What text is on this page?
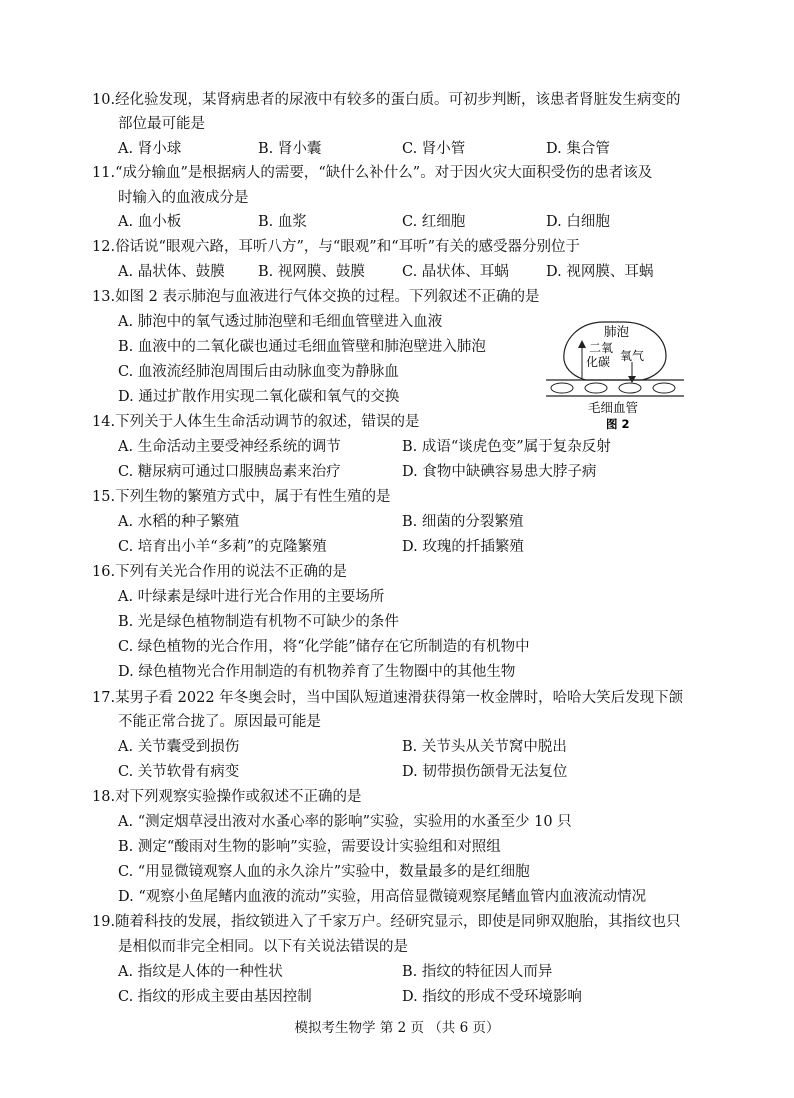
10.经化验发现，某肾病患者的尿液中有较多的蛋白质。可初步判断，该患者肾脏发生病变的
部位最可能是
A. 肾小球	B. 肾小囊	C. 肾小管	D. 集合管
11.“成分输血”是根据病人的需要，“缺什么补什么”。对于因火灾大面积受伤的患者该及
时输入的血液成分是
A. 血小板	B. 血浆	C. 红细胞	D. 白细胞
12.俗话说“眼观六路，耳听八方”，与“眼观”和“耳听”有关的感受器分别位于
A. 晶状体、鼓膜 B. 视网膜、鼓膜	C. 晶状体、耳蜗	D. 视网膜、耳蜗
13.如图 2 表示肺泡与血液进行气体交换的过程。下列叙述不正确的是
A. 肺泡中的氧气透过肺泡壁和毛细血管壁进入血液
B. 血液中的二氧化碳也通过毛细血管壁和肺泡壁进入肺泡
C. 血液流经肺泡周围后由动脉血变为静脉血
D. 通过扩散作用实现二氧化碳和氧气的交换
肺泡
二氧
化碳 氧气
毛细血管
图 2
14.下列关于人体生生命活动调节的叙述，错误的是
A. 生命活动主要受神经系统的调节	B. 成语“谈虎色变”属于复杂反射
C. 糖尿病可通过口服胰岛素来治疗	D. 食物中缺碘容易患大脖子病
15.下列生物的繁殖方式中，属于有性生殖的是
A. 水稻的种子繁殖	B. 细菌的分裂繁殖
C. 培育出小羊“多莉”的克隆繁殖	D. 玫瑰的扦插繁殖
16.下列有关光合作用的说法不正确的是
A. 叶绿素是绿叶进行光合作用的主要场所
B. 光是绿色植物制造有机物不可缺少的条件
C. 绿色植物的光合作用，将“化学能”储存在它所制造的有机物中
D. 绿色植物光合作用制造的有机物养育了生物圈中的其他生物
17.某男子看 2022 年冬奥会时，当中国队短道速滑获得第一枚金牌时，哈哈大笑后发现下颌
不能正常合拢了。原因最可能是
A. 关节囊受到损伤	B. 关节头从关节窝中脱出
C. 关节软骨有病变	D. 韧带损伤颌骨无法复位
18.对下列观察实验操作或叙述不正确的是
A. “测定烟草浸出液对水蚤心率的影响”实验，实验用的水蚤至少 10 只
B. 测定“酸雨对生物的影响”实验，需要设计实验组和对照组
C. “用显微镜观察人血的永久涂片”实验中，数量最多的是红细胞
D. “观察小鱼尾鳍内血液的流动”实验，用高倍显微镜观察尾鳍血管内血液流动情况
19.随着科技的发展，指纹锁进入了千家万户。经研究显示，即使是同卵双胞胎，其指纹也只
是相似而非完全相同。以下有关说法错误的是
A. 指纹是人体的一种性状	B. 指纹的特征因人而异
C. 指纹的形成主要由基因控制	D. 指纹的形成不受环境影响
模拟考生物学 第 2 页 （共 6 页）
